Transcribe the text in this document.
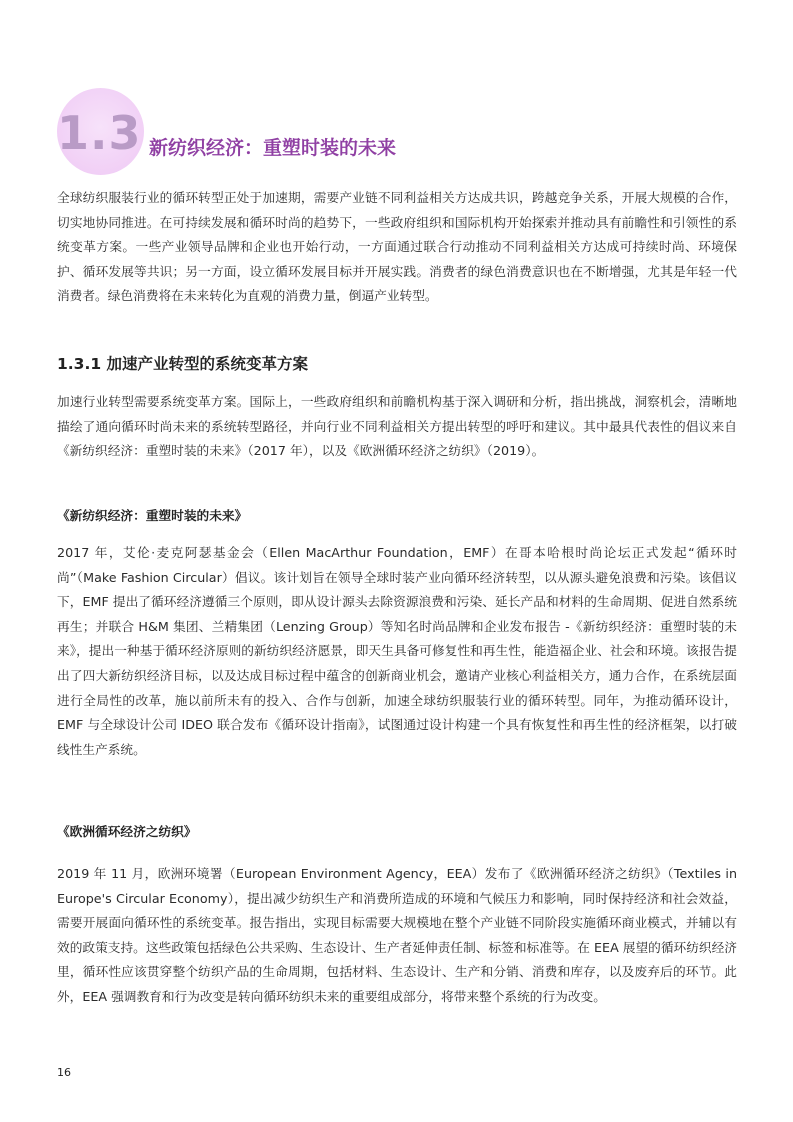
1.3 新纺织经济：重塑时装的未来

全球纺织服装行业的循环转型正处于加速期，需要产业链不同利益相关方达成共识，跨越竞争关系，开展大规模的合作，切实地协同推进。在可持续发展和循环时尚的趋势下，一些政府组织和国际机构开始探索并推动具有前瞻性和引领性的系统变革方案。一些产业领导品牌和企业也开始行动，一方面通过联合行动推动不同利益相关方达成可持续时尚、环境保护、循环发展等共识；另一方面，设立循环发展目标并开展实践。消费者的绿色消费意识也在不断增强，尤其是年轻一代消费者。绿色消费将在未来转化为直观的消费力量，倒逼产业转型。

1.3.1 加速产业转型的系统变革方案

加速行业转型需要系统变革方案。国际上，一些政府组织和前瞻机构基于深入调研和分析，指出挑战，洞察机会，清晰地描绘了通向循环时尚未来的系统转型路径，并向行业不同利益相关方提出转型的呼吁和建议。其中最具代表性的倡议来自《新纺织经济：重塑时装的未来》（2017 年），以及《欧洲循环经济之纺织》（2019）。

《新纺织经济：重塑时装的未来》

2017 年，艾伦·麦克阿瑟基金会（Ellen MacArthur Foundation，EMF）在哥本哈根时尚论坛正式发起“循环时尚”（Make Fashion Circular）倡议。该计划旨在领导全球时装产业向循环经济转型，以从源头避免浪费和污染。该倡议下，EMF 提出了循环经济遵循三个原则，即从设计源头去除资源浪费和污染、延长产品和材料的生命周期、促进自然系统再生；并联合 H&M 集团、兰精集团（Lenzing Group）等知名时尚品牌和企业发布报告 -《新纺织经济：重塑时装的未来》，提出一种基于循环经济原则的新纺织经济愿景，即天生具备可修复性和再生性，能造福企业、社会和环境。该报告提出了四大新纺织经济目标，以及达成目标过程中蕴含的创新商业机会，邀请产业核心利益相关方，通力合作，在系统层面进行全局性的改革，施以前所未有的投入、合作与创新，加速全球纺织服装行业的循环转型。同年，为推动循环设计，EMF 与全球设计公司 IDEO 联合发布《循环设计指南》，试图通过设计构建一个具有恢复性和再生性的经济框架，以打破线性生产系统。

《欧洲循环经济之纺织》

2019 年 11 月，欧洲环境署（European Environment Agency，EEA）发布了《欧洲循环经济之纺织》（Textiles in Europe's Circular Economy），提出减少纺织生产和消费所造成的环境和气候压力和影响，同时保持经济和社会效益，需要开展面向循环性的系统变革。报告指出，实现目标需要大规模地在整个产业链不同阶段实施循环商业模式，并辅以有效的政策支持。这些政策包括绿色公共采购、生态设计、生产者延伸责任制、标签和标准等。在 EEA 展望的循环纺织经济里，循环性应该贯穿整个纺织产品的生命周期，包括材料、生态设计、生产和分销、消费和库存，以及废弃后的环节。此外，EEA 强调教育和行为改变是转向循环纺织未来的重要组成部分，将带来整个系统的行为改变。

16
